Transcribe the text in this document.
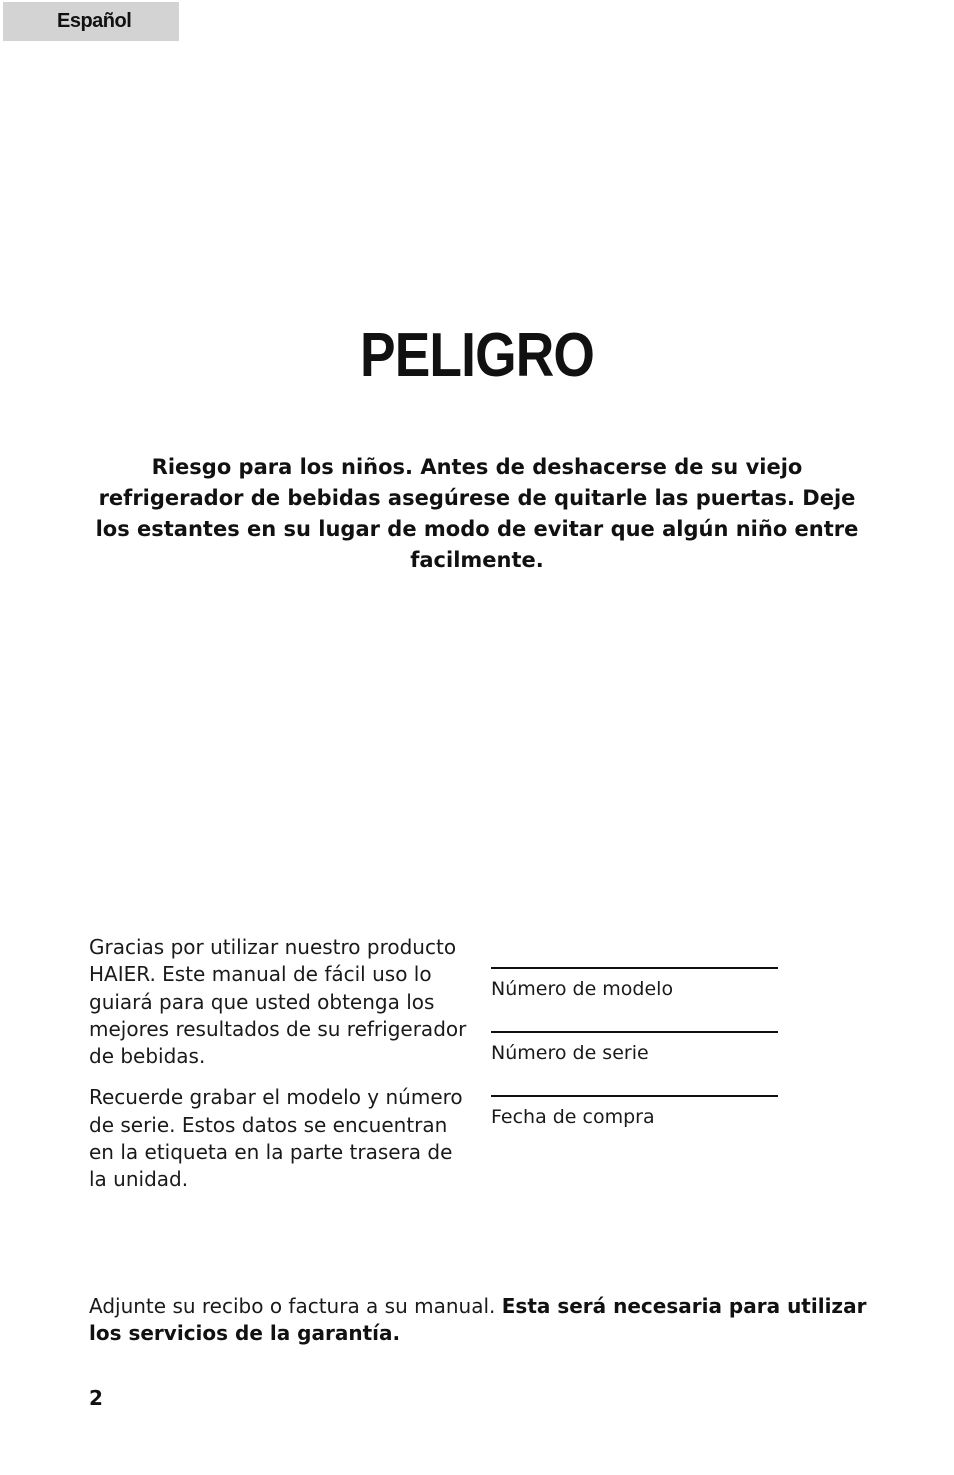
Español
PELIGRO

Riesgo para los niños. Antes de deshacerse de su viejo refrigerador de bebidas asegúrese de quitarle las puertas. Deje los estantes en su lugar de modo de evitar que algún niño entre facilmente.

Gracias por utilizar nuestro producto HAIER. Este manual de fácil uso lo guiará para que usted obtenga los mejores resultados de su refrigerador de bebidas.

Recuerde grabar el modelo y número de serie. Estos datos se encuentran en la etiqueta en la parte trasera de la unidad.

Número de modelo
Número de serie
Fecha de compra

Adjunte su recibo o factura a su manual. Esta será necesaria para utilizar los servicios de la garantía.

2
